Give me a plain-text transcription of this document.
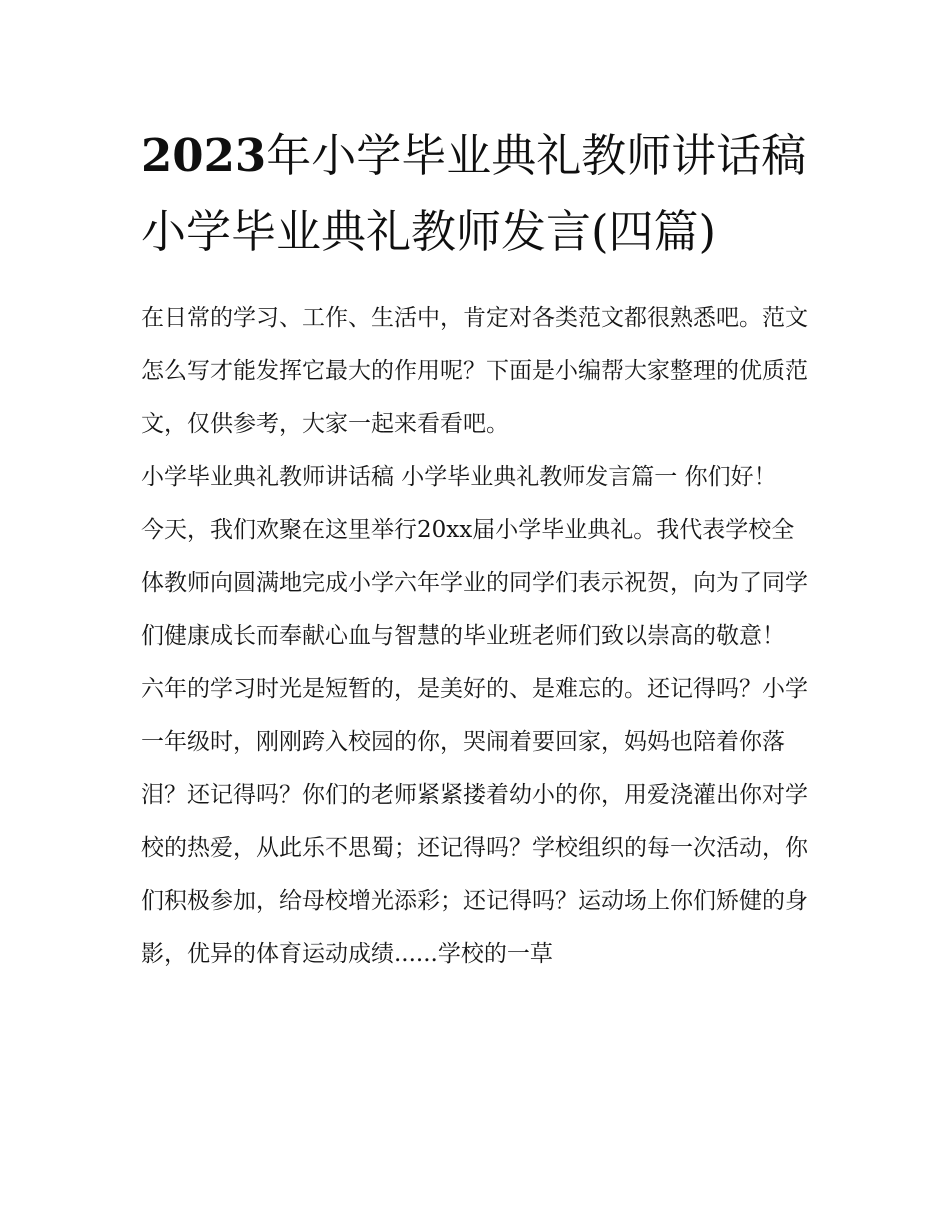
2023年小学毕业典礼教师讲话稿 小学毕业典礼教师发言(四篇)

在日常的学习、工作、生活中，肯定对各类范文都很熟悉吧。范文怎么写才能发挥它最大的作用呢？下面是小编帮大家整理的优质范文，仅供参考，大家一起来看看吧。

小学毕业典礼教师讲话稿 小学毕业典礼教师发言篇一 你们好！

今天，我们欢聚在这里举行20xx届小学毕业典礼。我代表学校全体教师向圆满地完成小学六年学业的同学们表示祝贺，向为了同学们健康成长而奉献心血与智慧的毕业班老师们致以崇高的敬意！

六年的学习时光是短暂的，是美好的、是难忘的。还记得吗？小学一年级时，刚刚跨入校园的你，哭闹着要回家，妈妈也陪着你落泪？还记得吗？你们的老师紧紧搂着幼小的你，用爱浇灌出你对学校的热爱，从此乐不思蜀；还记得吗？学校组织的每一次活动，你们积极参加，给母校增光添彩；还记得吗？运动场上你们矫健的身影，优异的体育运动成绩......学校的一草
